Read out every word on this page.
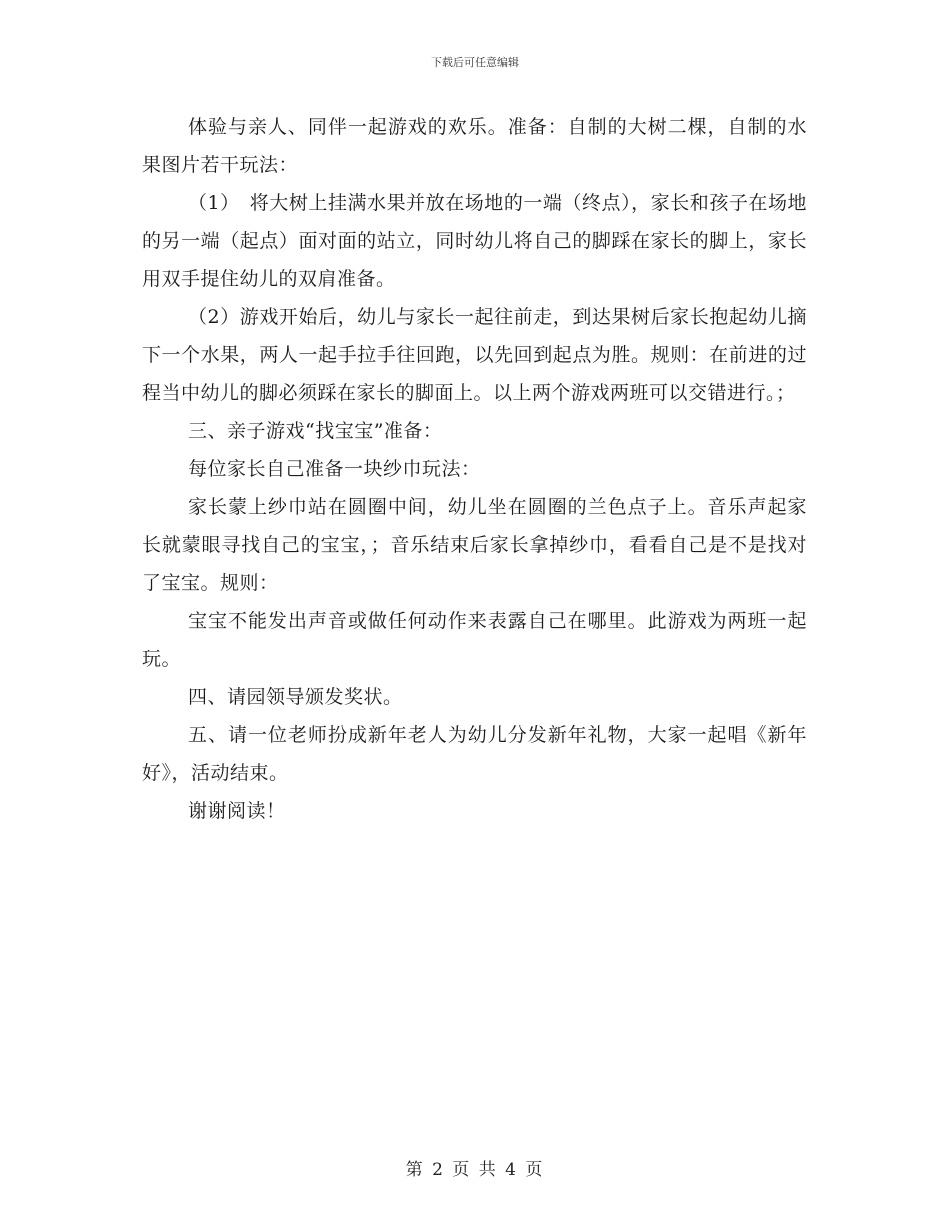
下载后可任意编辑

体验与亲人、同伴一起游戏的欢乐。准备：自制的大树二棵，自制的水果图片若干玩法：

（1）　将大树上挂满水果并放在场地的一端（终点），家长和孩子在场地的另一端（起点）面对面的站立，同时幼儿将自己的脚踩在家长的脚上，家长用双手提住幼儿的双肩准备。

（2）游戏开始后，幼儿与家长一起往前走，到达果树后家长抱起幼儿摘下一个水果，两人一起手拉手往回跑，以先回到起点为胜。规则：在前进的过程当中幼儿的脚必须踩在家长的脚面上。以上两个游戏两班可以交错进行。；

三、亲子游戏“找宝宝”准备：

每位家长自己准备一块纱巾玩法：

家长蒙上纱巾站在圆圈中间，幼儿坐在圆圈的兰色点子上。音乐声起家长就蒙眼寻找自己的宝宝，；音乐结束后家长拿掉纱巾，看看自己是不是找对了宝宝。规则：

宝宝不能发出声音或做任何动作来表露自己在哪里。此游戏为两班一起玩。

四、请园领导颁发奖状。

五、请一位老师扮成新年老人为幼儿分发新年礼物，大家一起唱《新年好》，活动结束。

谢谢阅读！

第 2 页 共 4 页
